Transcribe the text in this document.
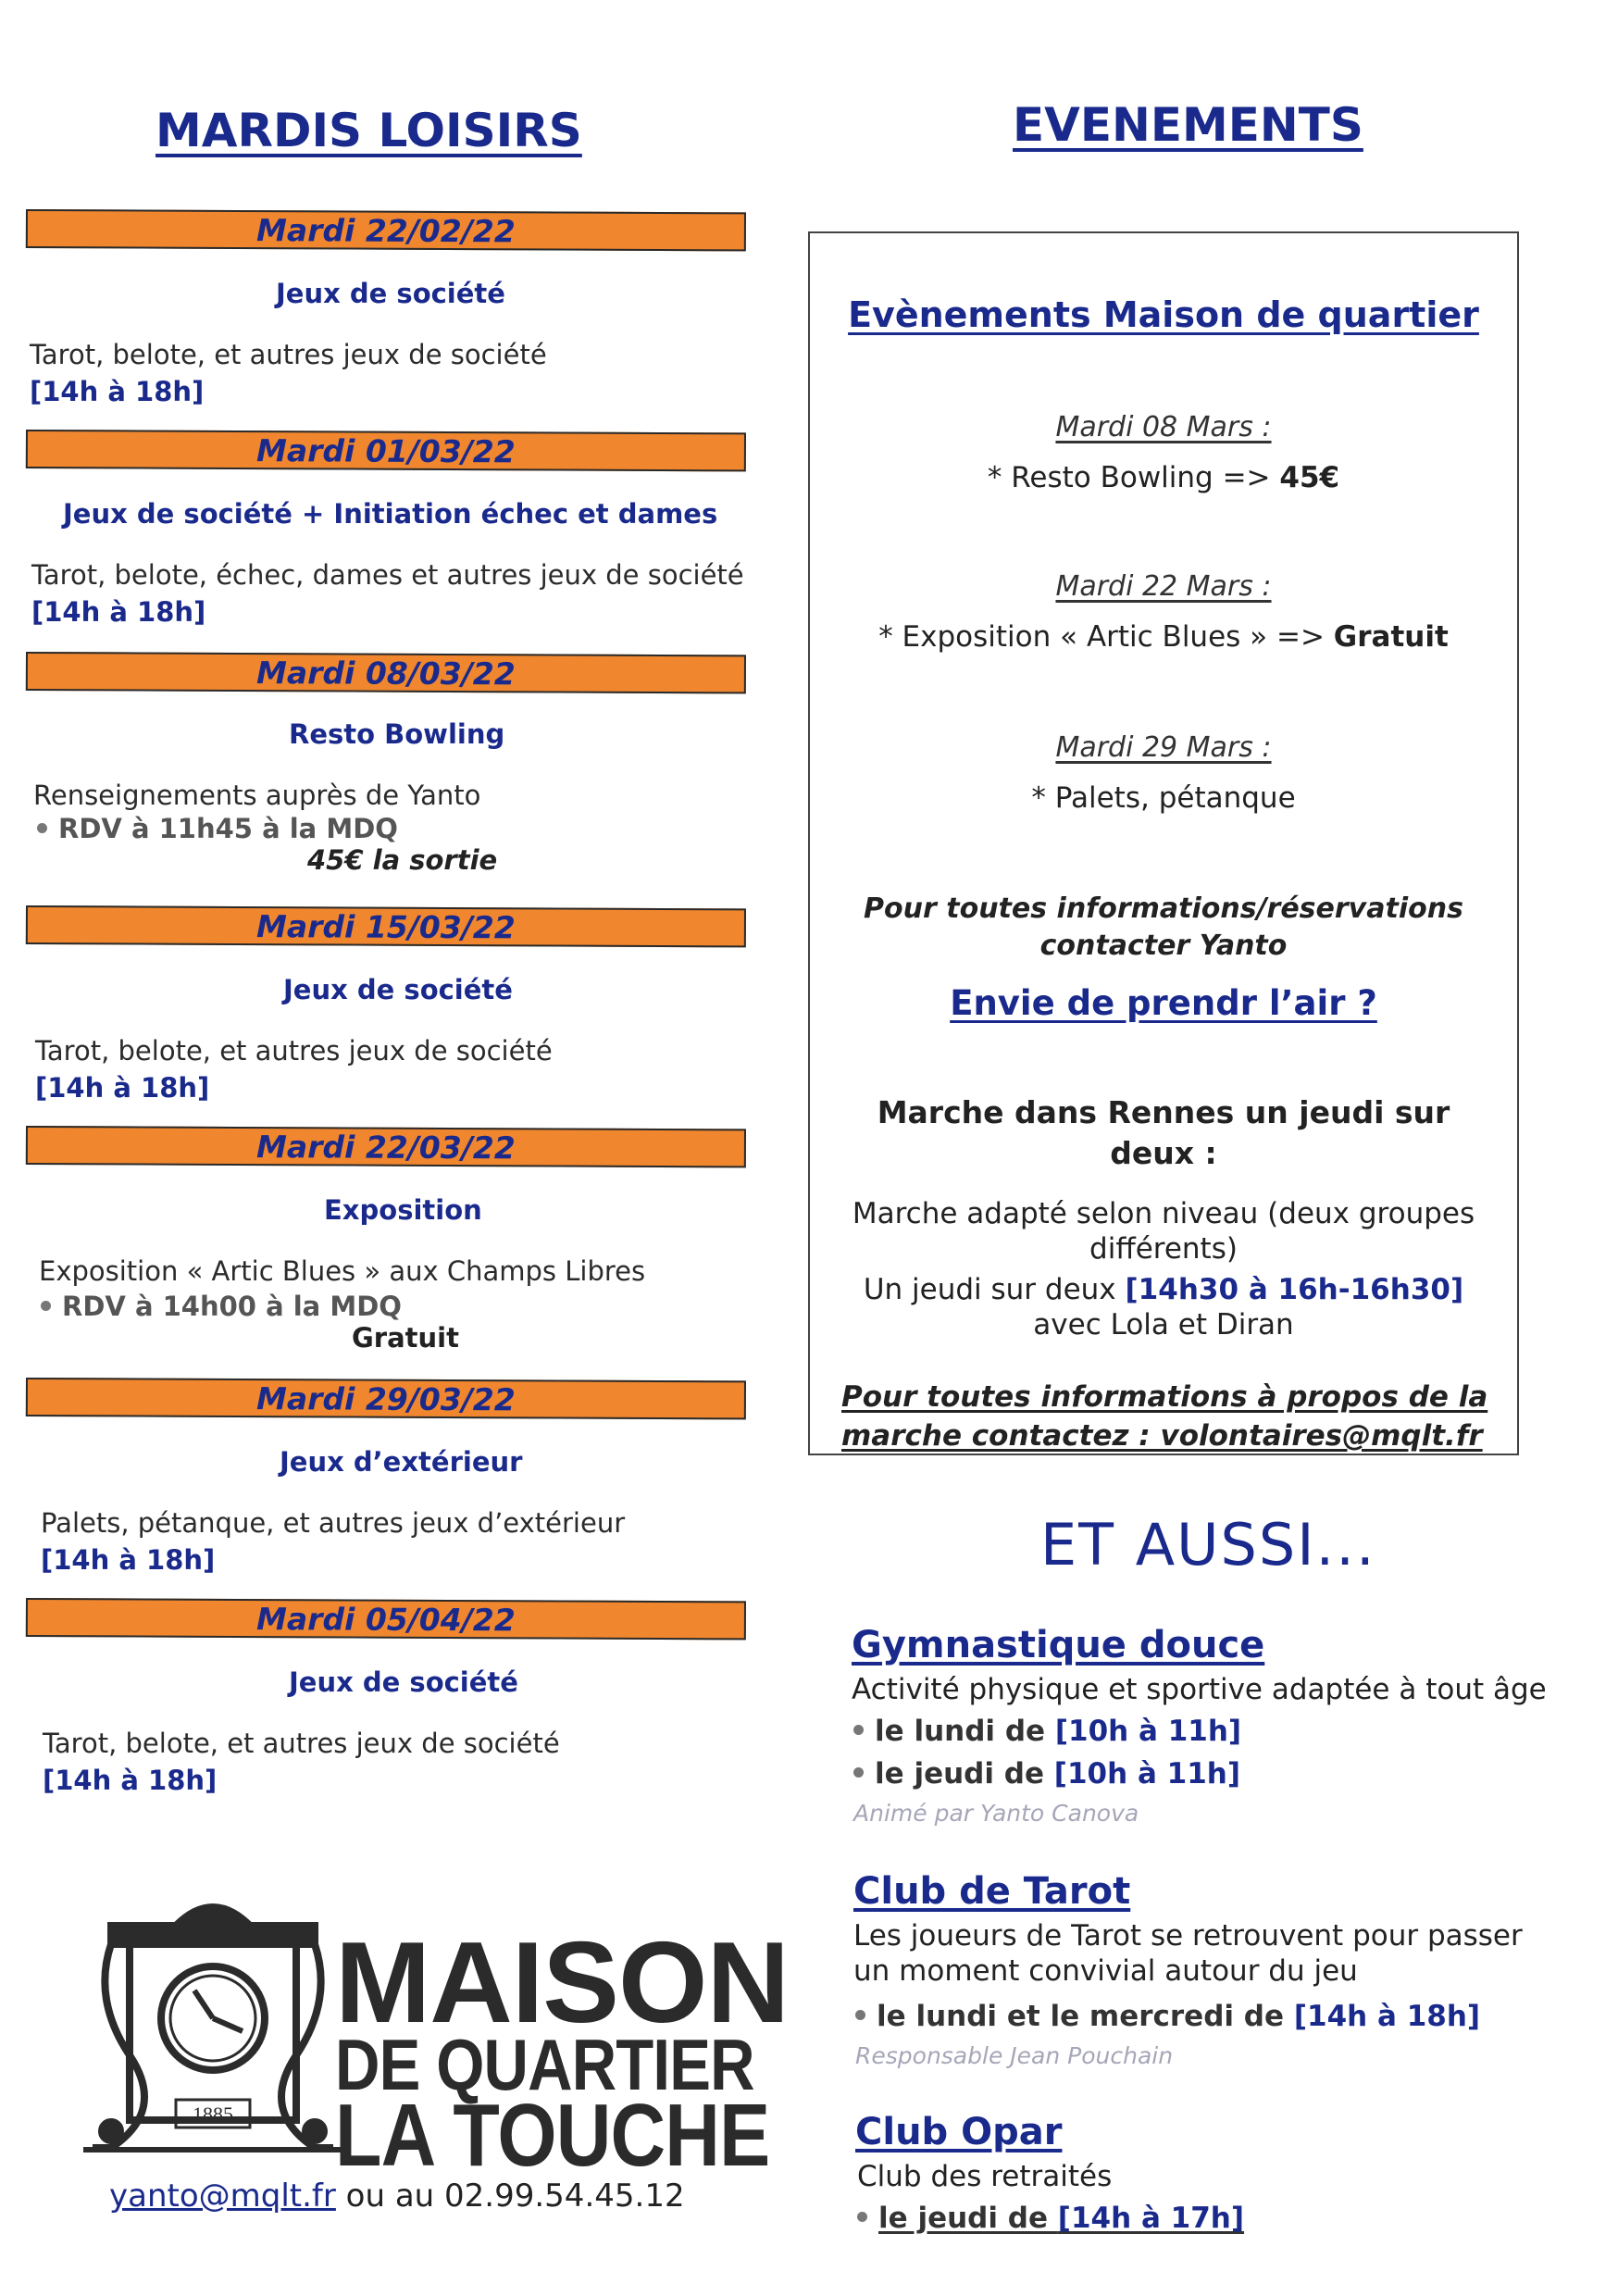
MARDIS LOISIRS
Mardi 22/02/22
Jeux de société
Tarot, belote, et autres jeux de société
[14h à 18h]
Mardi 01/03/22
Jeux de société + Initiation échec et dames
Tarot, belote, échec, dames et autres jeux de société
[14h à 18h]
Mardi 08/03/22
Resto Bowling
Renseignements auprès de Yanto
RDV à 11h45 à la MDQ
45€ la sortie
Mardi 15/03/22
Jeux de société
Tarot, belote, et autres jeux de société
[14h à 18h]
Mardi 22/03/22
Exposition
Exposition « Artic Blues » aux Champs Libres
RDV à 14h00 à la MDQ
Gratuit
Mardi 29/03/22
Jeux d’extérieur
Palets, pétanque, et autres jeux d’extérieur
[14h à 18h]
Mardi 05/04/22
Jeux de société
Tarot, belote, et autres jeux de société
[14h à 18h]
1885
MAISON
DE QUARTIER
LA TOUCHE
yanto@mqlt.fr ou au 02.99.54.45.12
EVENEMENTS
Evènements Maison de quartier
Mardi 08 Mars :
* Resto Bowling => 45€
Mardi 22 Mars :
* Exposition « Artic Blues » => Gratuit
Mardi 29 Mars :
* Palets, pétanque
Pour toutes informations/réservations
contacter Yanto
Envie de prendr l’air ?
Marche dans Rennes un jeudi sur
deux :
Marche adapté selon niveau (deux groupes
différents)
Un jeudi sur deux [14h30 à 16h-16h30]
avec Lola et Diran
Pour toutes informations à propos de la
marche contactez : volontaires@mqlt.fr
ET AUSSI...
Gymnastique douce
Activité physique et sportive adaptée à tout âge
le lundi de [10h à 11h]
le jeudi de [10h à 11h]
Animé par Yanto Canova
Club de Tarot
Les joueurs de Tarot se retrouvent pour passer
un moment convivial autour du jeu
le lundi et le mercredi de [14h à 18h]
Responsable Jean Pouchain
Club Opar
Club des retraités
le jeudi de [14h à 17h]
